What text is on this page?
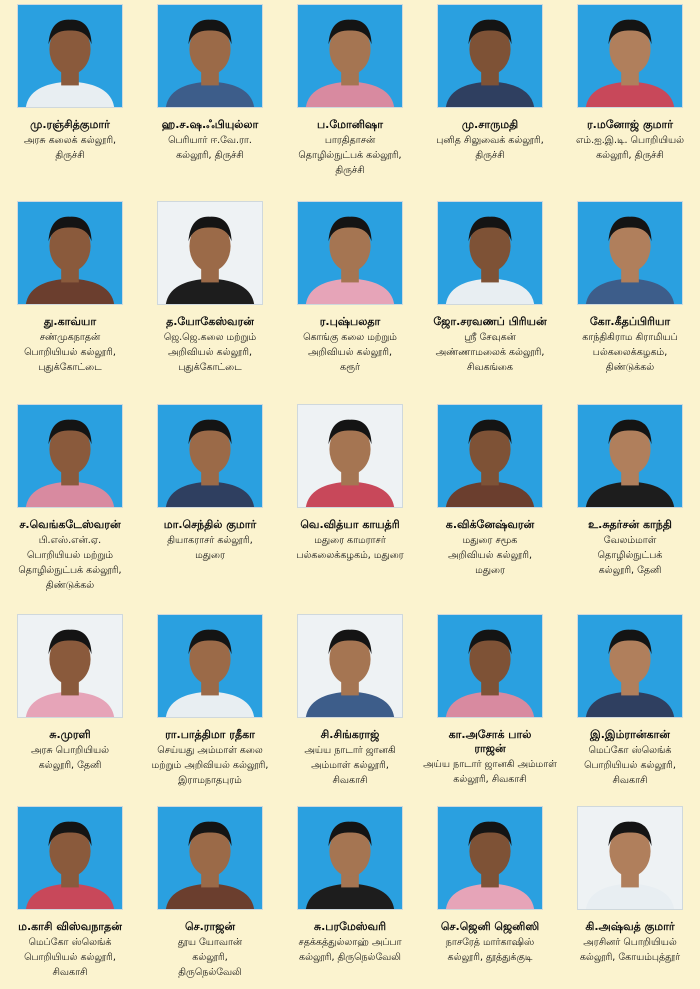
மு.ரஞ்சித்குமார்
அரசு கலைக் கல்லூரி,
திருச்சி
ஹ.ச.ஷ.ஃபியுல்லா
பெரியார் ஈ.வே.ரா.
கல்லூரி, திருச்சி
ப.மோனிஷா
பாரதிதாசன்
தொழில்நுட்பக் கல்லூரி,
திருச்சி
மு.சாருமதி
புனித சிலுவைக் கல்லூரி,
திருச்சி
ர.மனோஜ் குமார்
எம்.ஐ.இ.டி. பொறியியல்
கல்லூரி, திருச்சி
து.காவ்யா
சண்முகநாதன்
பொறியியல் கல்லூரி,
புதுக்கோட்டை
த.யோகேஸ்வரன்
ஜெ.ஜெ.கலை மற்றும்
அறிவியல் கல்லூரி,
புதுக்கோட்டை
ர.புஷ்பலதா
கொங்கு கலை மற்றும்
அறிவியல் கல்லூரி,
கரூர்
ஜோ.சரவணப் பிரியன்
ஸ்ரீ சேவுகன்
அண்ணாமலைக் கல்லூரி,
சிவகங்கை
கோ.கீதப்பிரியா
காந்திகிராம கிராமியப்
பல்கலைக்கழகம்,
திண்டுக்கல்
ச.வெங்கடேஸ்வரன்
பி.எஸ்.என்.ஏ.
பொறியியல் மற்றும்
தொழில்நுட்பக் கல்லூரி,
திண்டுக்கல்
மா.செந்தில் குமார்
தியாகராசர் கல்லூரி,
மதுரை
வெ.வித்யா காயத்ரி
மதுரை காமராசர்
பல்கலைக்கழகம், மதுரை
க.விக்னேஷ்வரன்
மதுரை சமூக
அறிவியல் கல்லூரி,
மதுரை
உ.சுதர்சன் காந்தி
வேலம்மாள்
தொழில்நுட்பக்
கல்லூரி, தேனி
சு.முரளி
அரசு பொறியியல்
கல்லூரி, தேனி
ரா.பாத்திமா ரதீகா
செய்யது அம்மாள் கலை
மற்றும் அறிவியல் கல்லூரி,
இராமநாதபுரம்
சி.சிங்கராஜ்
அய்ய நாடார் ஜானகி
அம்மாள் கல்லூரி,
சிவகாசி
கா.அசோக் பால்
ராஜன்
அய்ய நாடார் ஜானகி அம்மாள்
கல்லூரி, சிவகாசி
இ.இம்ரான்கான்
மெப்கோ ஸ்லெங்க்
பொறியியல் கல்லூரி,
சிவகாசி
ம.காசி விஸ்வநாதன்
மெப்கோ ஸ்லெங்க்
பொறியியல் கல்லூரி,
சிவகாசி
செ.ராஜன்
தூய யோவான்
கல்லூரி,
திருநெல்வேலி
சு.பரமேஸ்வரி
சதக்கத்துல்லாஹ் அப்பா
கல்லூரி, திருநெல்வேலி
செ.ஜெனி ஜெனிஸி
நாசரேத் மார்காஷிஸ்
கல்லூரி, தூத்துக்குடி
கி.அஷ்வத் குமார்
அரசினர் பொறியியல்
கல்லூரி, கோயம்புத்தூர்
